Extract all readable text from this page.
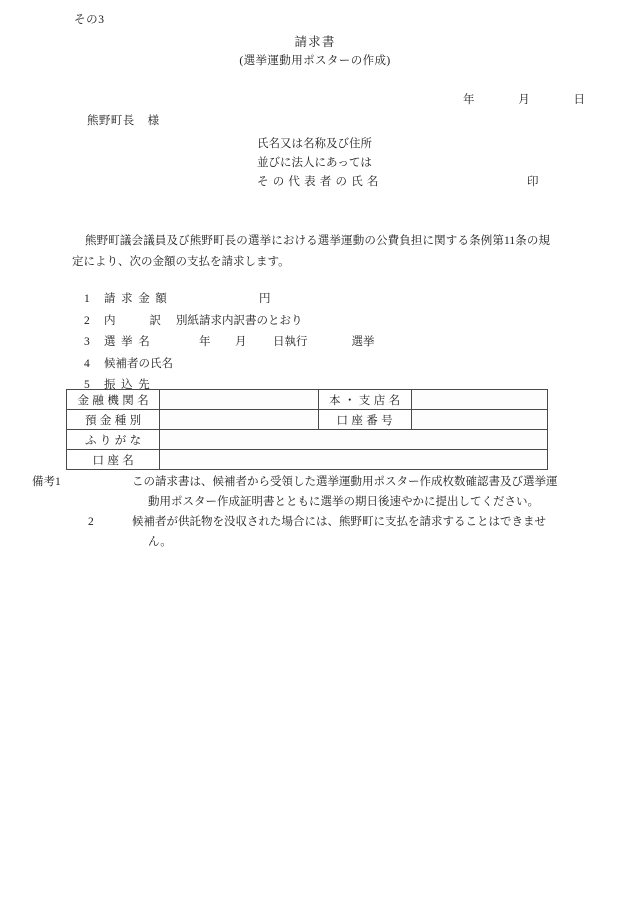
その3
請求書
(選挙運動用ポスターの作成)
年	月	日
熊野町長 様
氏名又は名称及び住所
並びに法人にあっては
その代表者の氏名	印
熊野町議会議員及び熊野町長の選挙における選挙運動の公費負担に関する条例第11条の規定により、次の金額の支払を請求します。
1 請求金額	円
2 内	訳 別紙請求内訳書のとおり
3 選挙名	年 月 日執行	選挙
4 候補者の氏名
5 振込先
金融機関名		本・支店名	
預金種別		口座番号	
ふりがな			
口座名			
備考1	この請求書は、候補者から受領した選挙運動用ポスター作成枚数確認書及び選挙運動用ポスター作成証明書とともに選挙の期日後速やかに提出してください。
2	候補者が供託物を没収された場合には、熊野町に支払を請求することはできません。
